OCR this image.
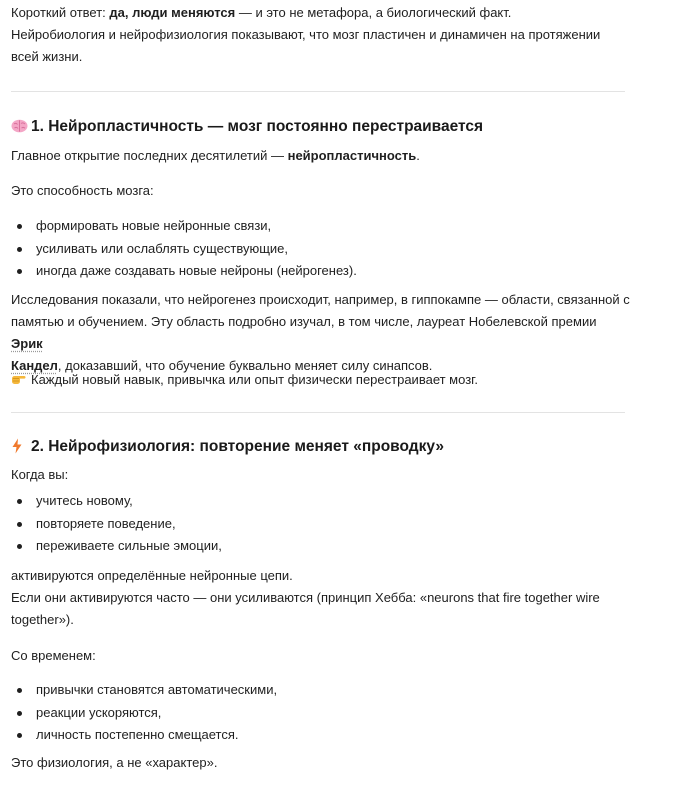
Короткий ответ: да, люди меняются — и это не метафора, а биологический факт.
Нейробиология и нейрофизиология показывают, что мозг пластичен и динамичен на протяжении
всей жизни.
1. Нейропластичность — мозг постоянно перестраивается
Главное открытие последних десятилетий — нейропластичность.
Это способность мозга:
формировать новые нейронные связи,
усиливать или ослаблять существующие,
иногда даже создавать новые нейроны (нейрогенез).
Исследования показали, что нейрогенез происходит, например, в гиппокампе — области, связанной с
памятью и обучением. Эту область подробно изучал, в том числе, лауреат Нобелевской премии Эрик
Кандел, доказавший, что обучение буквально меняет силу синапсов.
Каждый новый навык, привычка или опыт физически перестраивает мозг.
2. Нейрофизиология: повторение меняет «проводку»
Когда вы:
учитесь новому,
повторяете поведение,
переживаете сильные эмоции,
активируются определённые нейронные цепи.
Если они активируются часто — они усиливаются (принцип Хебба: «neurons that fire together wire
together»).
Со временем:
привычки становятся автоматическими,
реакции ускоряются,
личность постепенно смещается.
Это физиология, а не «характер».
